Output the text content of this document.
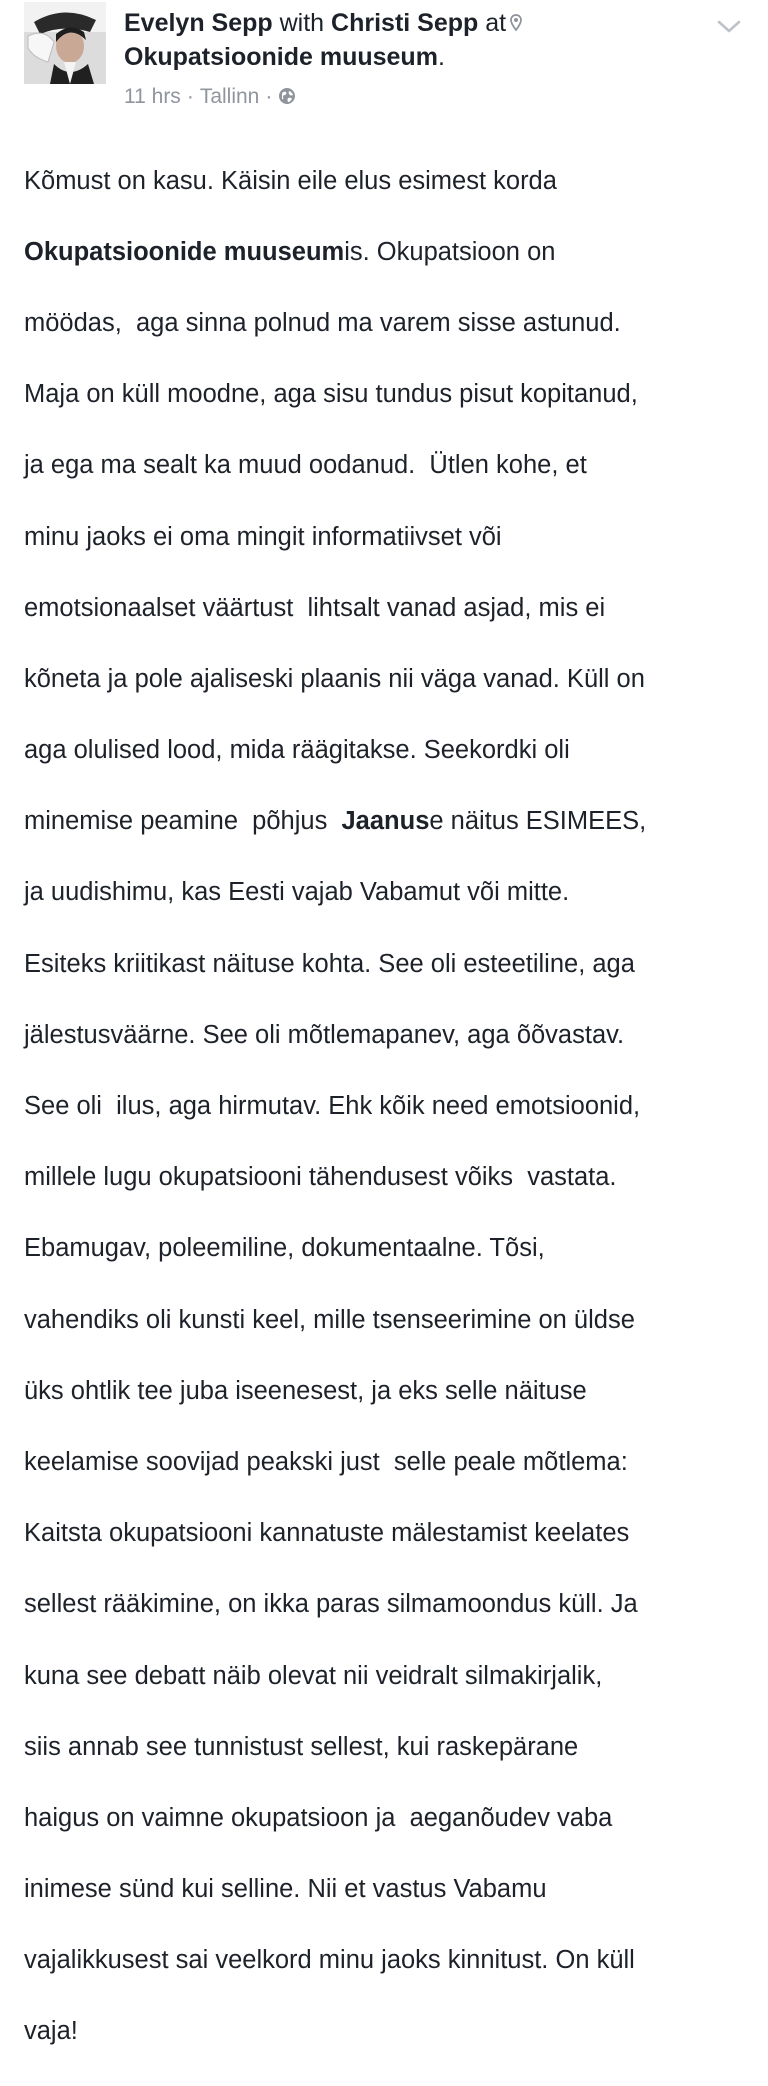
Evelyn Sepp with Christi Sepp at
Okupatsioonide muuseum.
11 hrs · Tallinn ·

Kõmust on kasu. Käisin eile elus esimest korda

Okupatsioonide muuseumis. Okupatsioon on

möödas,  aga sinna polnud ma varem sisse astunud.

Maja on küll moodne, aga sisu tundus pisut kopitanud,

ja ega ma sealt ka muud oodanud.  Ütlen kohe, et

minu jaoks ei oma mingit informatiivset või

emotsionaalset väärtust  lihtsalt vanad asjad, mis ei

kõneta ja pole ajaliseski plaanis nii väga vanad. Küll on

aga olulised lood, mida räägitakse. Seekordki oli

minemise peamine  põhjus  Jaanuse näitus ESIMEES,

ja uudishimu, kas Eesti vajab Vabamut või mitte.

Esiteks kriitikast näituse kohta. See oli esteetiline, aga

jälestusväärne. See oli mõtlemapanev, aga õõvastav.

See oli  ilus, aga hirmutav. Ehk kõik need emotsioonid,

millele lugu okupatsiooni tähendusest võiks  vastata.

Ebamugav, poleemiline, dokumentaalne. Tõsi,

vahendiks oli kunsti keel, mille tsenseerimine on üldse

üks ohtlik tee juba iseenesest, ja eks selle näituse

keelamise soovijad peakski just  selle peale mõtlema:

Kaitsta okupatsiooni kannatuste mälestamist keelates

sellest rääkimine, on ikka paras silmamoondus küll. Ja

kuna see debatt näib olevat nii veidralt silmakirjalik,

siis annab see tunnistust sellest, kui raskepärane

haigus on vaimne okupatsioon ja  aeganõudev vaba

inimese sünd kui selline. Nii et vastus Vabamu

vajalikkusest sai veelkord minu jaoks kinnitust. On küll

vaja!
